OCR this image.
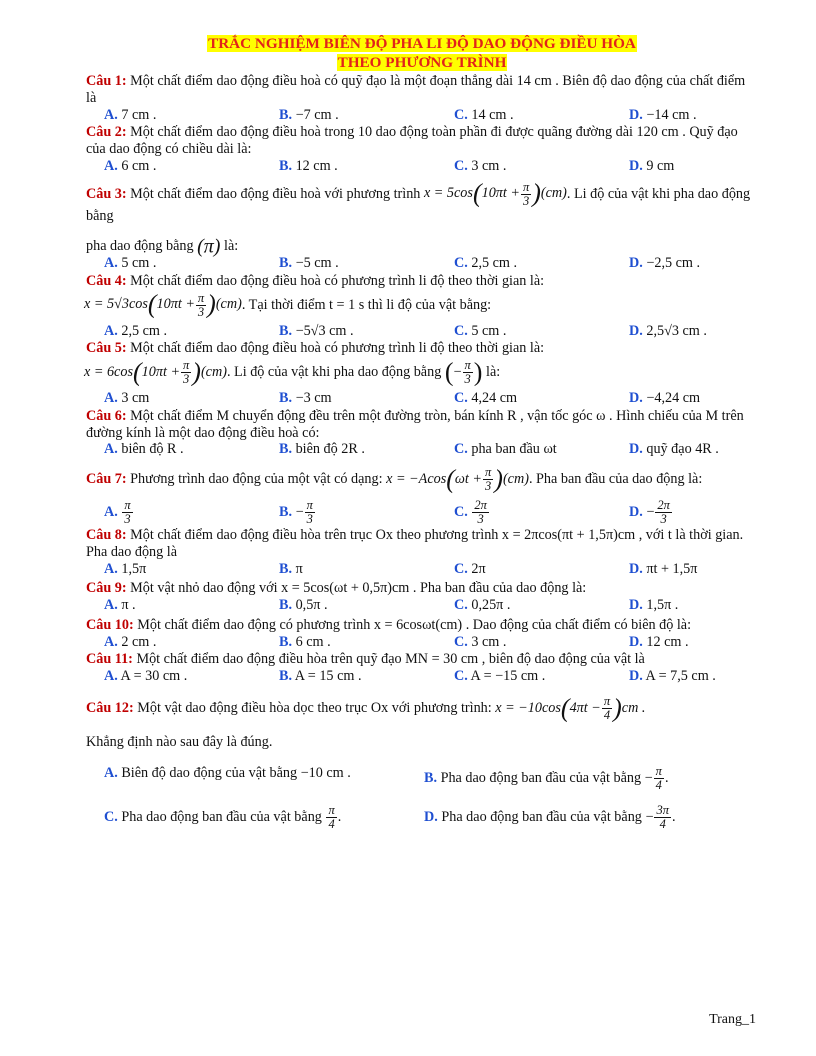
TRẮC NGHIỆM BIÊN ĐỘ PHA LI ĐỘ DAO ĐỘNG ĐIỀU HÒA
THEO PHƯƠNG TRÌNH
Câu 1: Một chất điểm dao động điều hoà có quỹ đạo là một đoạn thẳng dài 14 cm . Biên độ dao động của chất điểm là
A. 7 cm .	B. −7 cm .	C. 14 cm .	D. −14 cm .
Câu 2: Một chất điểm dao động điều hoà trong 10 dao động toàn phần đi được quãng đường dài 120 cm . Quỹ đạo của dao động có chiều dài là:
A. 6 cm .	B. 12 cm .	C. 3 cm .	D. 9 cm
Câu 3: Một chất điểm dao động điều hoà với phương trình $x = 5\cos(10\pi t + \frac{\pi}{3} )(cm)$. Li độ của vật khi pha dao động bằng
pha dao động bằng (π) là:
A. 5 cm .	B. −5 cm .	C. 2,5 cm .	D. −2,5 cm .
Câu 4: Một chất điểm dao động điều hoà có phương trình li độ theo thời gian là:
$x = 5√3\cos(10\pi t + \frac{\pi}{3} )(cm)$. Tại thời điểm t = 1 s thì li độ của vật bằng:
A. 2,5 cm .	B. −5√3 cm .	C. 5 cm .	D. 2,5√3 cm .
Câu 5: Một chất điểm dao động điều hoà có phương trình li độ theo thời gian là:
$x = 6\cos(10\pi t + \frac{\pi}{3} )(cm)$. Li độ của vật khi pha dao động bằng (− $\frac{\pi}{3}$ ) là:
A. 3 cm	B. −3 cm	C. 4,24 cm	D. −4,24 cm
Câu 6: Một chất điểm M chuyển động đều trên một đường tròn, bán kính R , vận tốc góc ω . Hình chiếu của M trên đường kính là một dao động điều hoà có:
A. biên độ R .	B. biên độ 2R .	C. pha ban đầu ωt	D. quỹ đạo 4R .
Câu 7: Phương trình dao động của một vật có dạng: $x = -Acos(\omega t + \frac{\pi}{3} )(cm)$. Pha ban đầu của dao động là:
A. $\frac{\pi}{3}$	B. − $\frac{\pi}{3}$	C. $\frac{2\pi}{3}$	D. − $\frac{2\pi}{3}$
Câu 8: Một chất điểm dao động điều hòa trên trục Ox theo phương trình x = 2πcos(πt + 1,5π)cm , với t là thời gian. Pha dao động là
A. 1,5π	B. π	C. 2π	D. πt + 1,5π
Câu 9: Một vật nhỏ dao động với x = 5cos(ωt + 0,5π)cm . Pha ban đầu của dao động là:
A. π .	B. 0,5π .	C. 0,25π .	D. 1,5π .
Câu 10: Một chất điểm dao động có phương trình x = 6cosωt(cm) . Dao động của chất điểm có biên độ là:
A. 2 cm .	B. 6 cm .	C. 3 cm .	D. 12 cm .
Câu 11: Một chất điểm dao động điều hòa trên quỹ đạo MN = 30 cm , biên độ dao động của vật là
A. A = 30 cm .	B. A = 15 cm .	C. A = −15 cm .	D. A = 7,5 cm .
Câu 12: Một vật dao động điều hòa dọc theo trục Ox với phương trình: $x = -10\cos(4\pi t - \frac{\pi}{4} )cm$ .
Khẳng định nào sau đây là đúng.
A. Biên độ dao động của vật bằng −10 cm .	B. Pha dao động ban đầu của vật bằng − $\frac{\pi}{4}$ .
C. Pha dao động ban đầu của vật bằng $\frac{\pi}{4}$ .	D. Pha dao động ban đầu của vật bằng − $\frac{3\pi}{4}$ .
Trang_1
